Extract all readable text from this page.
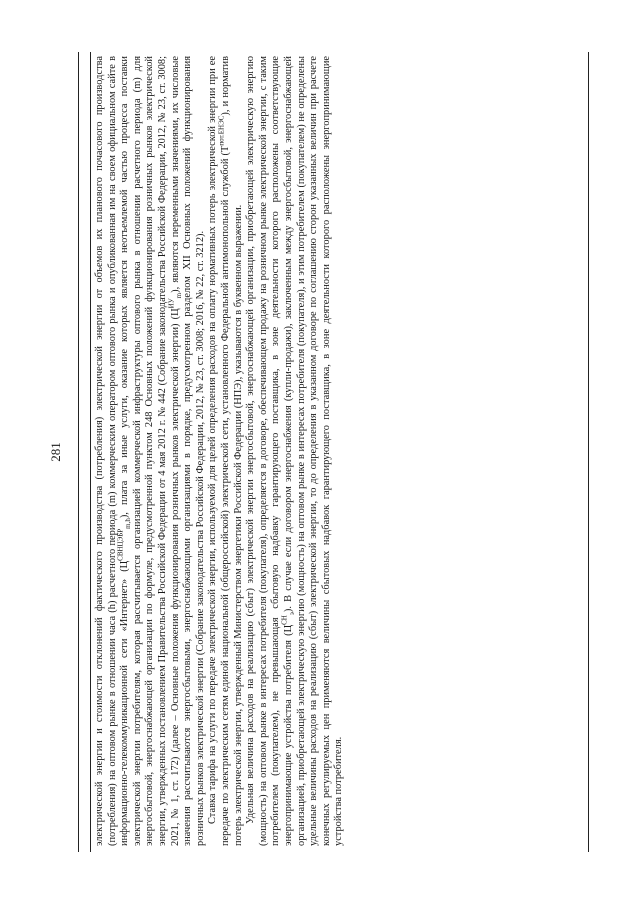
281	электрической энергии и стоимости отклонений фактического производства (потребления) электрической энергии от объемов их планового почасового производства (потребления) на оптовом рынке в отношении часа (h) расчетного периода (m) коммерческим оператором оптового рынка и опубликованная им на своем официальном сайте в информационно-телекоммуникационной сети «Интернет» $(Ц^{СВНЦЭБР}_{m,h})$, плата за иные услуги, оказание которых является неотъемлемой частью процесса поставки электрической энергии потребителям, которая рассчитывается организацией коммерческой инфраструктуры оптового рынка в отношении расчетного периода (m) для энергосбытовой, энергоснабжающей организации по формуле, предусмотренной пунктом 248 Основных положений функционирования розничных рынков электрической энергии, утвержденных постановлением Правительства Российской Федерации от 4 мая 2012 г. № 442 (Собрание законодательства Российской Федерации, 2012, № 23, ст. 3008; 2021, № 1, ст. 172) (далее – Основные положения функционирования розничных рынков электрической энергии) $(Ц^{ИУ}_m)$, являются переменными значениями, их числовые значения рассчитываются энергосбытовыми, энергоснабжающими организациями в порядке, предусмотренном разделом XII Основных положений функционирования розничных рынков электрической энергии (Собрание законодательства Российской Федерации, 2012, № 23, ст. 3008; 2016, № 22, ст. 3212). Ставка тарифа на услуги по передаче электрической энергии, используемой для целей определения расходов на оплату нормативных потерь электрической энергии при ее передаче по электрическим сетям единой национальной (общероссийской) электрической сети, установленного Федеральной антимонопольной службой $(Т^{пот.ЕНЭС})$, и норматив потерь электрической энергии, утвержденный Министерством энергетики Российской Федерации (НПЭ), указываются в буквенном выражении. Удельная величина расходов на реализацию (сбыт) электрической энергии энергосбытовой, энергоснабжающей организации, приобретающей электрическую энергию (мощность) на оптовом рынке в интересах потребителя (покупателя), определяется в договоре, обеспечивающем продажу на розничном рынке электрической энергии, с таким потребителем (покупателем), не превышающая сбытовую надбавку гарантирующего поставщика, в зоне деятельности которого расположены соответствующие энергопринимающие устройства потребителя $(Ц^{СН}_э)$. В случае если договором энергоснабжения (купли-продажи), заключенным между энергосбытовой, энергоснабжающей организацией, приобретающей электрическую энергию (мощность) на оптовом рынке в интересах потребителя (покупателя), и этим потребителем (покупателем) не определены удельные величины расходов на реализацию (сбыт) электрической энергии, то до определения в указанном договоре по соглашению сторон указанных величин при расчете конечных регулируемых цен применяются величины сбытовых надбавок гарантирующего поставщика, в зоне деятельности которого расположены энергопринимающие устройства потребителя.
